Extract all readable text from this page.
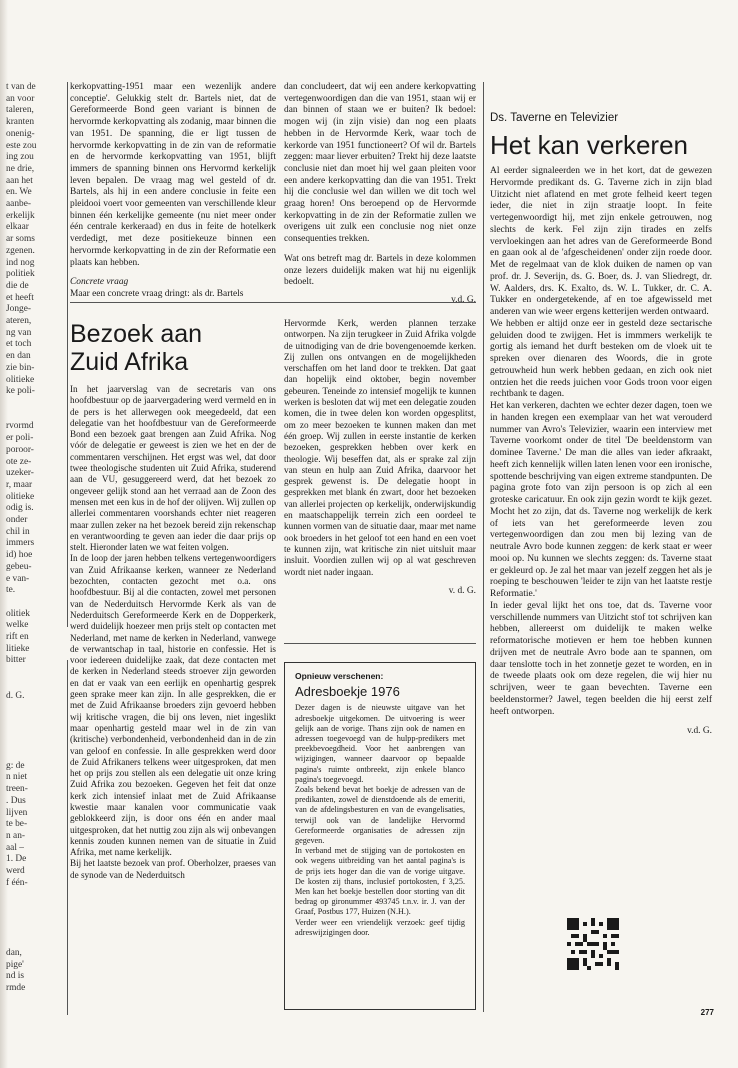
t van de
an voor
taleren,
kranten
onenig-
este zou
ing zou
ne drie,
aan het
en. We
aanbe-
erkelijk
elkaar
ar soms
zgenen.
ind nog
politiek
die de
et heeft
Jonge-
ateren,
ng van
et toch
en dan
zie bin-
olitieke
ke poli-

rvormd
er poli-
poroor-
ote ze-
uzeker-
r, maar
olitieke
odig is.
onder
chil in
immers
id) hoe
gebeu-
e van-
te.

olitiek
welke
rift en
litieke
bitter

d. G.

g: de
n niet
treen-
. Dus
lijven
te be-
n an-
aal –
1. De
werd
f één-

dan,
pige'
nd is
rmde

kerkopvatting-1951 maar een wezenlijk andere conceptie'. Gelukkig stelt dr. Bartels niet, dat de Gereformeerde Bond geen variant is binnen de hervormde kerkopvatting als zodanig, maar binnen die van 1951. De spanning, die er ligt tussen de hervormde kerkopvatting in de zin van de reformatie en de hervormde kerkopvatting van 1951, blijft immers de spanning binnen ons Hervormd kerkelijk leven bepalen. De vraag mag wel gesteld of dr. Bartels, als hij in een andere conclusie in feite een pleidooi voert voor gemeenten van verschillende kleur binnen één kerkelijke gemeente (nu niet meer onder één centrale kerkeraad) en dus in feite de hotelkerk verdedigt, met deze positiekeuze binnen een hervormde kerkopvatting in de zin der Reformatie een plaats kan hebben.

Concrete vraag

Maar een concrete vraag dringt: als dr. Bartels

dan concludeert, dat wij een andere kerkopvatting vertegenwoordigen dan die van 1951, staan wij er dan binnen of staan we er buiten? Ik bedoel: mogen wij (in zijn visie) dan nog een plaats hebben in de Hervormde Kerk, waar toch de kerkorde van 1951 functioneert? Of wil dr. Bartels zeggen: maar liever erbuiten? Trekt hij deze laatste conclusie niet dan moet hij wel gaan pleiten voor een andere kerkopvatting dan die van 1951. Trekt hij die conclusie wel dan willen we dit toch wel graag horen! Ons beroepend op de Hervormde kerkopvatting in de zin der Reformatie zullen we overigens uit zulk een conclusie nog niet onze consequenties trekken.

Wat ons betreft mag dr. Bartels in deze kolommen onze lezers duidelijk maken wat hij nu eigenlijk bedoelt.

v.d. G.
Bezoek aan
Zuid Afrika

In het jaarverslag van de secretaris van ons hoofdbestuur op de jaarvergadering werd vermeld en in de pers is het allerwegen ook meegedeeld, dat een delegatie van het hoofdbestuur van de Gereformeerde Bond een bezoek gaat brengen aan Zuid Afrika. Nog vóór de delegatie er geweest is zien we het en der de commentaren verschijnen. Het ergst was wel, dat door twee theologische studenten uit Zuid Afrika, studerend aan de VU, gesuggereerd werd, dat het bezoek zo ongeveer gelijk stond aan het verraad aan de Zoon des mensen met een kus in de hof der olijven. Wij zullen op allerlei commentaren voorshands echter niet reageren maar zullen zeker na het bezoek bereid zijn rekenschap en verantwoording te geven aan ieder die daar prijs op stelt. Hieronder laten we wat feiten volgen.

In de loop der jaren hebben telkens vertegenwoordigers van Zuid Afrikaanse kerken, wanneer ze Nederland bezochten, contacten gezocht met o.a. ons hoofdbestuur. Bij al die contacten, zowel met personen van de Nederduitsch Hervormde Kerk als van de Nederduitsch Gereformeerde Kerk en de Dopperkerk, werd duidelijk hoezeer men prijs stelt op contacten met Nederland, met name de kerken in Nederland, vanwege de verwantschap in taal, historie en confessie. Het is voor iedereen duidelijke zaak, dat deze contacten met de kerken in Nederland steeds stroever zijn geworden en dat er vaak van een eerlijk en openhartig gesprek geen sprake meer kan zijn. In alle gesprekken, die er met de Zuid Afrikaanse broeders zijn gevoerd hebben wij kritische vragen, die bij ons leven, niet ingeslikt maar openhartig gesteld maar wel in de zin van (kritische) verbondenheid, verbondenheid dan in de zin van geloof en confessie. In alle gesprekken werd door de Zuid Afrikaners telkens weer uitgesproken, dat men het op prijs zou stellen als een delegatie uit onze kring Zuid Afrika zou bezoeken. Gegeven het feit dat onze kerk zich intensief inlaat met de Zuid Afrikaanse kwestie maar kanalen voor communicatie vaak geblokkeerd zijn, is door ons één en ander maal uitgesproken, dat het nuttig zou zijn als wij onbevangen kennis zouden kunnen nemen van de situatie in Zuid Afrika, met name kerkelijk.

Bij het laatste bezoek van prof. Oberholzer, praeses van de synode van de Nederduitsch

Hervormde Kerk, werden plannen terzake ontworpen. Na zijn terugkeer in Zuid Afrika volgde de uitnodiging van de drie bovengenoemde kerken. Zij zullen ons ontvangen en de mogelijkheden verschaffen om het land door te trekken. Dat gaat dan hopelijk eind oktober, begin november gebeuren. Teneinde zo intensief mogelijk te kunnen werken is besloten dat wij met een delegatie zouden komen, die in twee delen kon worden opgesplitst, om zo meer bezoeken te kunnen maken dan met één groep. Wij zullen in eerste instantie de kerken bezoeken, gesprekken hebben over kerk en theologie. Wij beseffen dat, als er sprake zal zijn van steun en hulp aan Zuid Afrika, daarvoor het gesprek gewenst is. De delegatie hoopt in gesprekken met blank én zwart, door het bezoeken van allerlei projecten op kerkelijk, onderwijskundig en maatschappelijk terrein zich een oordeel te kunnen vormen van de situatie daar, maar met name ook broeders in het geloof tot een hand en een voet te kunnen zijn, wat kritische zin niet uitsluit maar insluit. Voordien zullen wij op al wat geschreven wordt niet nader ingaan.

v. d. G.
Opnieuw verschenen:
Adresboekje 1976

Dezer dagen is de nieuwste uitgave van het adresboekje uitgekomen. De uitvoering is weer gelijk aan de vorige. Thans zijn ook de namen en adressen toegevoegd van de hulpp-predikers met preekbevoegdheid. Voor het aanbrengen van wijzigingen, wanneer daarvoor op bepaalde pagina's ruimte ontbreekt, zijn enkele blanco pagina's toegevoegd.

Zoals bekend bevat het boekje de adressen van de predikanten, zowel de dienstdoende als de emeriti, van de afdelingsbesturen en van de evangelisaties, terwijl ook van de landelijke Hervormd Gereformeerde organisaties de adressen zijn gegeven.

In verband met de stijging van de portokosten en ook wegens uitbreiding van het aantal pagina's is de prijs iets hoger dan die van de vorige uitgave. De kosten zij thans, inclusief portokosten, f 3,25. Men kan het boekje bestellen door storting van dit bedrag op gironummer 493745 t.n.v. ir. J. van der Graaf, Postbus 177, Huizen (N.H.).

Verder weer een vriendelijk verzoek: geef tijdig adreswijzigingen door.

Ds. Taverne en Televizier
Het kan verkeren

Al eerder signaleerden we in het kort, dat de gewezen Hervormde predikant ds. G. Taverne zich in zijn blad Uitzicht niet aflatend en met grote felheid keert tegen ieder, die niet in zijn straatje loopt. In feite vertegenwoordigt hij, met zijn enkele getrouwen, nog slechts de kerk. Fel zijn zijn tirades en zelfs vervloekingen aan het adres van de Gereformeerde Bond en gaan ook al de 'afgescheidenen' onder zijn roede door. Met de regelmaat van de klok duiken de namen op van prof. dr. J. Severijn, ds. G. Boer, ds. J. van Sliedregt, dr. W. Aalders, drs. K. Exalto, ds. W. L. Tukker, dr. C. A. Tukker en ondergetekende, af en toe afgewisseld met anderen van wie weer ergens ketterijen werden ontwaard.

We hebben er altijd onze eer in gesteld deze sectarische geluiden dood te zwijgen. Het is immmers werkelijk te gortig als iemand het durft besteken om de vloek uit te spreken over dienaren des Woords, die in grote getrouwheid hun werk hebben gedaan, en zich ook niet ontzien het die reeds juichen voor Gods troon voor eigen rechtbank te dagen.

Het kan verkeren, dachten we echter dezer dagen, toen we in handen kregen een exemplaar van het wat verouderd nummer van Avro's Televizier, waarin een interview met Taverne voorkomt onder de titel 'De beeldenstorm van dominee Taverne.' De man die alles van ieder afkraakt, heeft zich kennelijk willen laten lenen voor een ironische, spottende beschrijving van eigen extreme standpunten. De pagina grote foto van zijn persoon is op zich al een groteske caricatuur. En ook zijn gezin wordt te kijk gezet. Mocht het zo zijn, dat ds. Taverne nog werkelijk de kerk of iets van het gereformeerde leven zou vertegenwoordigen dan zou men bij lezing van de neutrale Avro bode kunnen zeggen: de kerk staat er weer mooi op. Nu kunnen we slechts zeggen: ds. Taverne staat er gekleurd op. Je zal het maar van jezelf zeggen het als je roeping te beschouwen 'leider te zijn van het laatste restje Reformatie.'

In ieder geval lijkt het ons toe, dat ds. Taverne voor verschillende nummers van Uitzicht stof tot schrijven kan hebben, allereerst om duidelijk te maken welke reformatorische motieven er hem toe hebben kunnen drijven met de neutrale Avro bode aan te spannen, om daar tenslotte toch in het zonnetje gezet te worden, en in de tweede plaats ook om deze regelen, die wij hier nu schrijven, weer te gaan bevechten. Taverne een beeldenstormer? Jawel, tegen beelden die hij eerst zelf heeft ontworpen.

v.d. G.
277
